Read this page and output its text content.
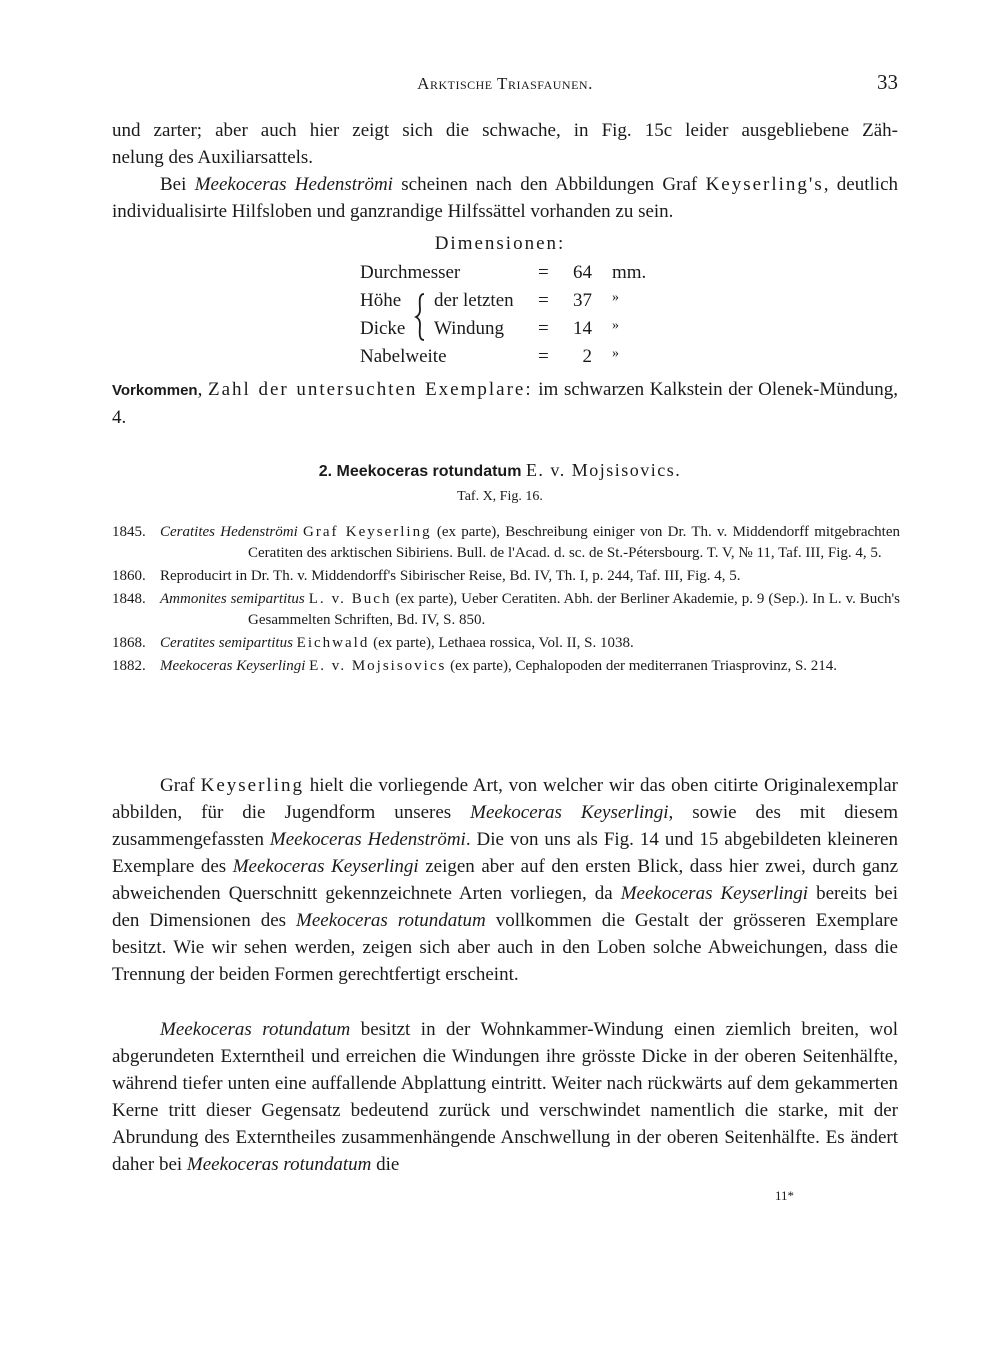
Arktische Triasfaunen.	33
und zarter; aber auch hier zeigt sich die schwache, in Fig. 15c leider ausgebliebene Zäh-
nelung des Auxiliarsattels.
Bei Meekoceras Hedenströmi scheinen nach den Abbildungen Graf Keyserling's, deutlich individualisirte Hilfsloben und ganzrandige Hilfssättel vorhanden zu sein.
Dimensionen:
Durchmesser	=	64 mm.
Höhe der letzten =	37 »
Dicke Windung =	14 »
Nabelweite	=	2 »
Vorkommen, Zahl der untersuchten Exemplare: im schwarzen Kalkstein der Olenek-Mündung, 4.
2. Meekoceras rotundatum E. v. Mojsisovics.
Taf. X, Fig. 16.
1845. Ceratites Hedenströmi Graf Keyserling (ex parte), Beschreibung einiger von Dr. Th. v. Middendorff mitgebrachten Ceratiten des arktischen Sibiriens. Bull. de l'Acad. d. sc. de St.-Pétersbourg. T. V, № 11, Taf. III, Fig. 4, 5.
1860. Reproducirt in Dr. Th. v. Middendorff's Sibirischer Reise, Bd. IV, Th. I, p. 244, Taf. III, Fig. 4, 5.
1848. Ammonites semipartitus L. v. Buch (ex parte), Ueber Ceratiten. Abh. der Berliner Akademie, p. 9 (Sep.). In L. v. Buch's Gesammelten Schriften, Bd. IV, S. 850.
1868. Ceratites semipartitus Eichwald (ex parte), Lethaea rossica, Vol. II, S. 1038.
1882. Meekoceras Keyserlingi E. v. Mojsisovics (ex parte), Cephalopoden der mediterranen Triasprovinz, S. 214.
Graf Keyserling hielt die vorliegende Art, von welcher wir das oben citirte Originalexemplar abbilden, für die Jugendform unseres Meekoceras Keyserlingi, sowie des mit diesem zusammengefassten Meekoceras Hedenströmi. Die von uns als Fig. 14 und 15 abgebildeten kleineren Exemplare des Meekoceras Keyserlingi zeigen aber auf den ersten Blick, dass hier zwei, durch ganz abweichenden Querschnitt gekennzeichnete Arten vorliegen, da Meekoceras Keyserlingi bereits bei den Dimensionen des Meekoceras rotundatum vollkommen die Gestalt der grösseren Exemplare besitzt. Wie wir sehen werden, zeigen sich aber auch in den Loben solche Abweichungen, dass die Trennung der beiden Formen gerechtfertigt erscheint.
Meekoceras rotundatum besitzt in der Wohnkammer-Windung einen ziemlich breiten, wol abgerundeten Externtheil und erreichen die Windungen ihre grösste Dicke in der oberen Seitenhälfte, während tiefer unten eine auffallende Abplattung eintritt. Weiter nach rückwärts auf dem gekammerten Kerne tritt dieser Gegensatz bedeutend zurück und verschwindet namentlich die starke, mit der Abrundung des Externtheiles zusammenhängende Anschwellung in der oberen Seitenhälfte. Es ändert daher bei Meekoceras rotundatum die
11*
